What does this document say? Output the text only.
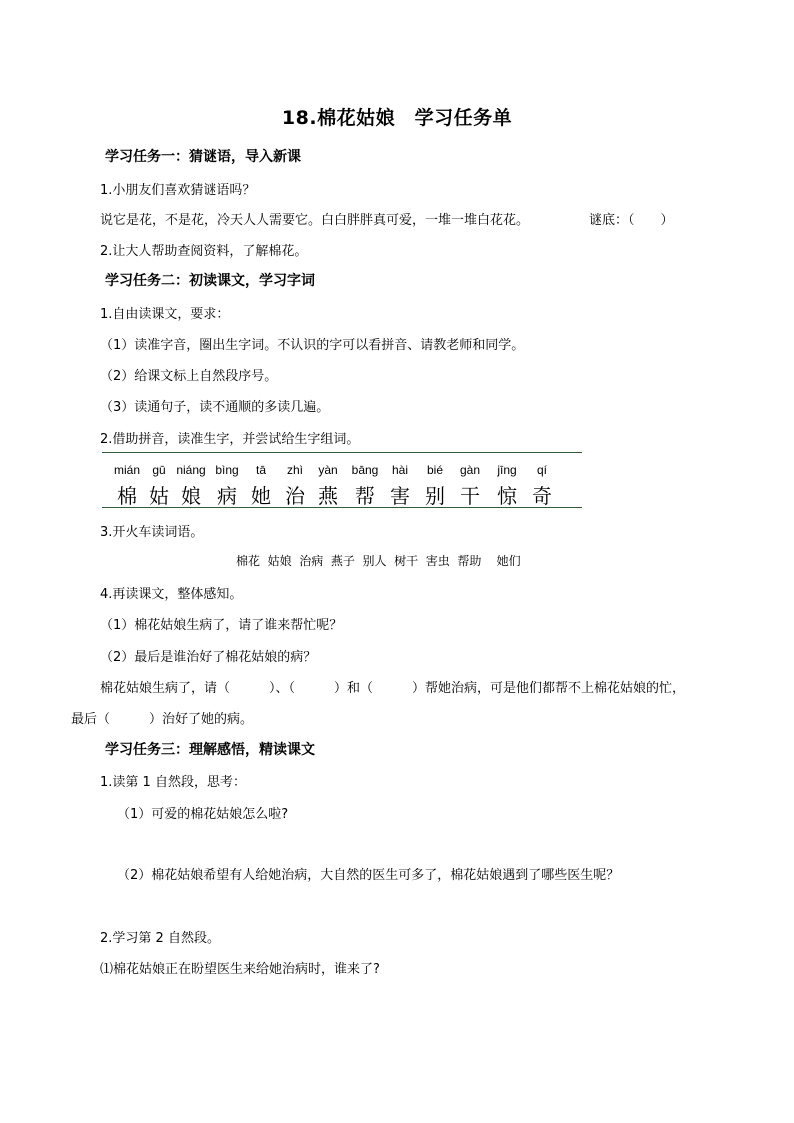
18.棉花姑娘　学习任务单
学习任务一：猜谜语，导入新课
1.小朋友们喜欢猜谜语吗？
说它是花，不是花，冷天人人需要它。白白胖胖真可爱，一堆一堆白花花。	谜底：（　　）
2.让大人帮助查阅资料，了解棉花。
学习任务二：初读课文，学习字词
1.自由读课文，要求：
（1）读准字音，圈出生字词。不认识的字可以看拼音、请教老师和同学。
（2）给课文标上自然段序号。
（3）读通句子，读不通顺的多读几遍。
2.借助拼音，读准生字，并尝试给生字组词。
mián	gū niáng bìng	tā	zhì	yàn	bāng	hài	bié	gàn	jīng	qí
棉 姑 娘 病 她 治 燕 帮 害 别 干 惊 奇
3.开火车读词语。
棉花  姑娘  治病  燕子  别人  树干  害虫  帮助    她们
4.再读课文，整体感知。
（1）棉花姑娘生病了，请了谁来帮忙呢？
（2）最后是谁治好了棉花姑娘的病？
棉花姑娘生病了，请（　　　）、（　　　）和（　　　）帮她治病，可是他们都帮不上棉花姑娘的忙，
最后（　　　）治好了她的病。
学习任务三：理解感悟，精读课文
1.读第 1 自然段，思考：
（1）可爱的棉花姑娘怎么啦?
（2）棉花姑娘希望有人给她治病，大自然的医生可多了，棉花姑娘遇到了哪些医生呢？
2.学习第 2 自然段。
⑴棉花姑娘正在盼望医生来给她治病时，谁来了?
